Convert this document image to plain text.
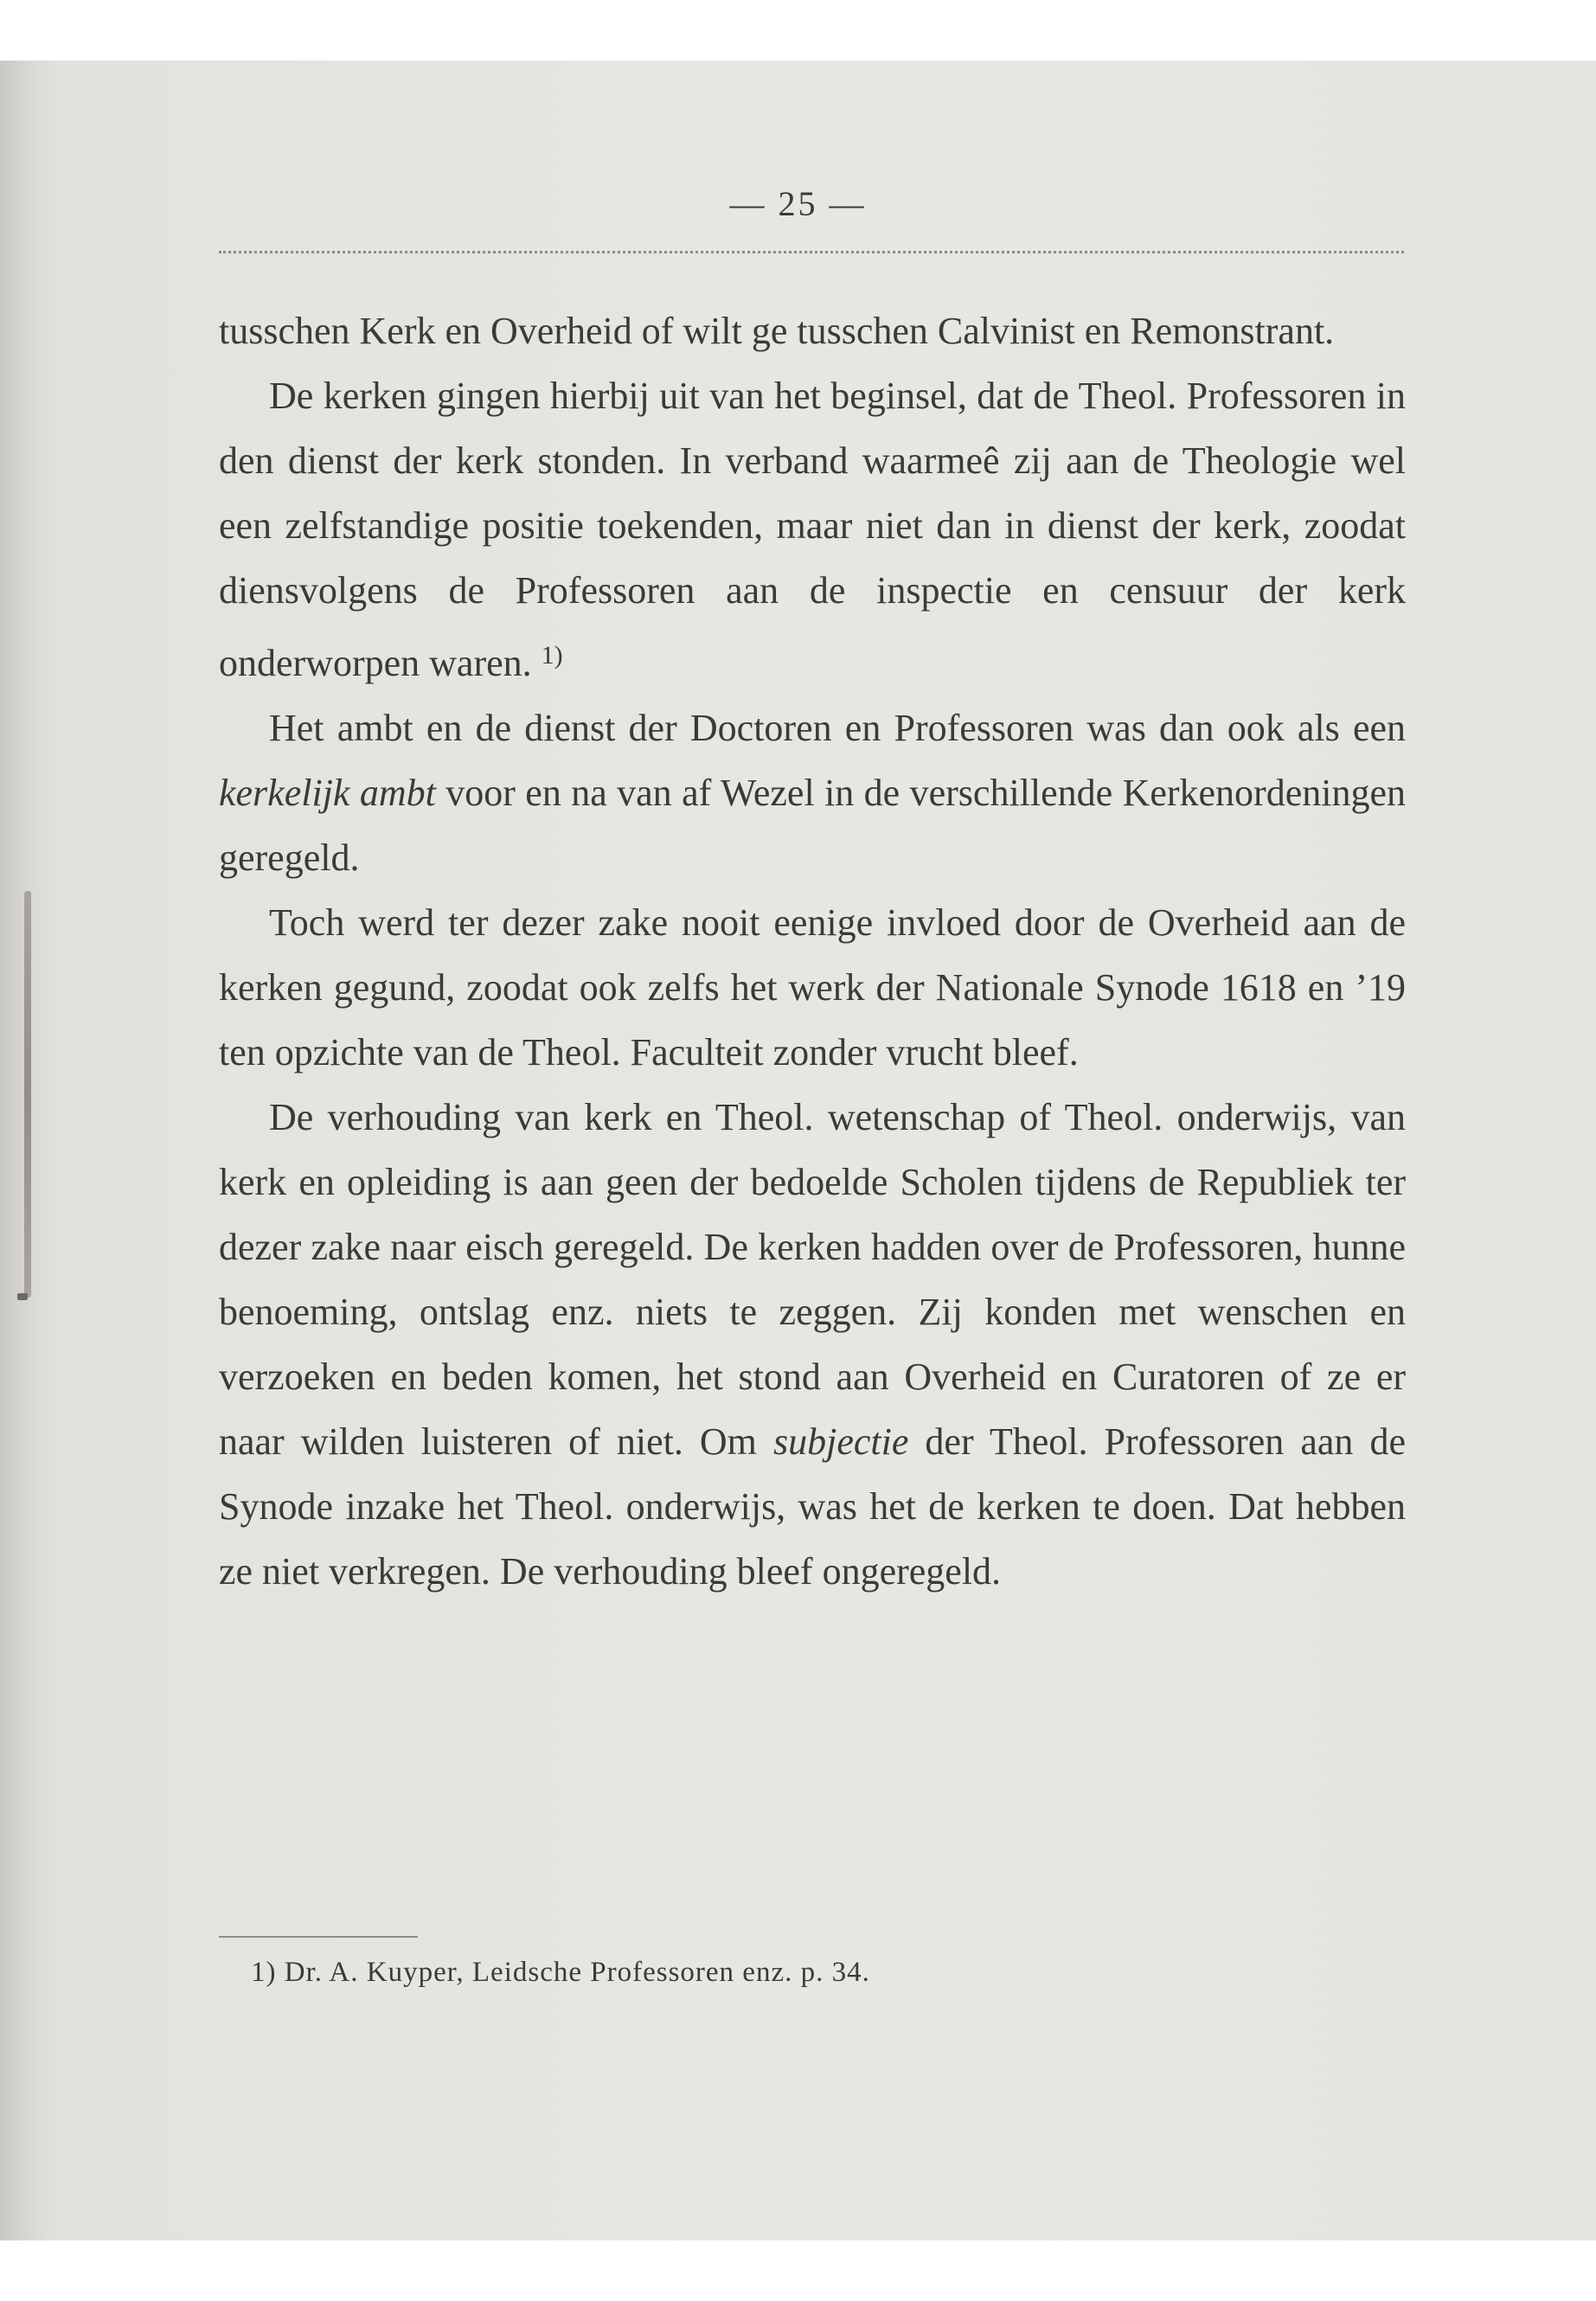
— 25 —

tusschen Kerk en Overheid of wilt ge tusschen Calvinist en Remonstrant.

De kerken gingen hierbij uit van het beginsel, dat de Theol. Professoren in den dienst der kerk stonden. In verband waarmeê zij aan de Theologie wel een zelfstandige positie toekenden, maar niet dan in dienst der kerk, zoodat diensvolgens de Professoren aan de inspectie en censuur der kerk onderworpen waren. $^{1)}$

Het ambt en de dienst der Doctoren en Professoren was dan ook als een kerkelijk ambt voor en na van af Wezel in de verschillende Kerkenordeningen geregeld.

Toch werd ter dezer zake nooit eenige invloed door de Overheid aan de kerken gegund, zoodat ook zelfs het werk der Nationale Synode 1618 en ’19 ten opzichte van de Theol. Faculteit zonder vrucht bleef.

De verhouding van kerk en Theol. wetenschap of Theol. onderwijs, van kerk en opleiding is aan geen der bedoelde Scholen tijdens de Republiek ter dezer zake naar eisch geregeld. De kerken hadden over de Professoren, hunne benoeming, ontslag enz. niets te zeggen. Zij konden met wenschen en verzoeken en beden komen, het stond aan Overheid en Curatoren of ze er naar wilden luisteren of niet. Om subjectie der Theol. Professoren aan de Synode inzake het Theol. onderwijs, was het de kerken te doen. Dat hebben ze niet verkregen. De verhouding bleef ongeregeld.

1) Dr. A. Kuyper, Leidsche Professoren enz. p. 34.
